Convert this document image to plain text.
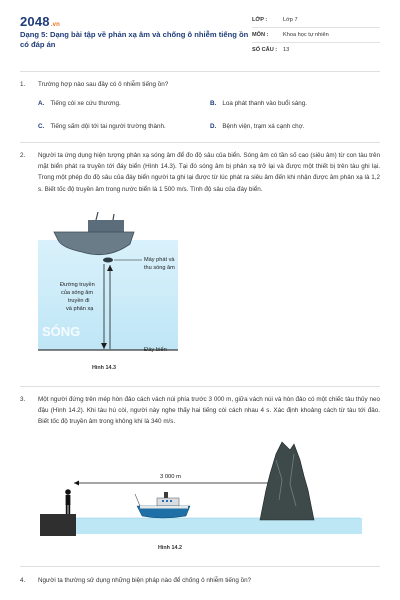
2048.vn
Dạng 5: Dạng bài tập về phản xạ âm và chống ô nhiễm tiếng ồn có đáp án
LỚP :	Lớp 7
MÔN :	Khoa học tự nhiên
SỐ CÂU : 13
1. Trường hợp nào sau đây có ô nhiễm tiếng ồn?
A. Tiếng còi xe cứu thương.	B. Loa phát thanh vào buổi sáng.
C. Tiếng sấm dội tới tai người trường thành.	D. Bệnh viện, trạm xá cạnh chợ.
2. Người ta ứng dụng hiện tượng phản xạ sóng âm để đo độ sâu của biển. Sóng âm có tần số cao (siêu âm) từ con tàu trên mặt biển phát ra truyền tới đáy biển (Hình 14.3). Tại đó sóng âm bị phản xạ trở lại và được một thiết bị trên tàu ghi lại. Trong một phép đo độ sâu của đáy biển người ta ghi lại được từ lúc phát ra siêu âm đến khi nhận được âm phản xạ là 1,2 s. Biết tốc độ truyền âm trong nước biển là 1 500 m/s. Tính độ sâu của đáy biển.
Máy phát và
thu sóng âm
Đường truyền
của sóng âm
truyền đi
và phản xạ
SÓNG
Đáy biển
Hình 14.3
3. Một người đứng trên mép hòn đảo cách vách núi phía trước 3 000 m, giữa vách núi và hòn đảo có một chiếc tàu thủy neo đậu (Hình 14.2). Khi tàu hú còi, người này nghe thấy hai tiếng còi cách nhau 4 s. Xác định khoảng cách từ tàu tới đảo. Biết tốc độ truyền âm trong không khí là 340 m/s.
3 000 m
Hình 14.2
4. Người ta thường sử dụng những biện pháp nào để chống ô nhiễm tiếng ồn?
